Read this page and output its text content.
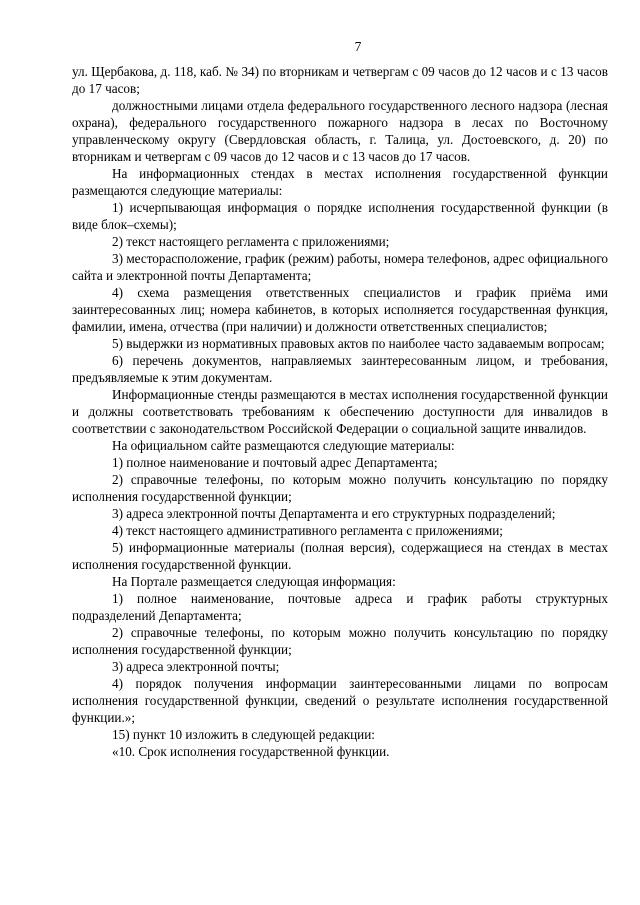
7

ул. Щербакова, д. 118, каб. № 34) по вторникам и четвергам с 09 часов до 12 часов и с 13 часов до 17 часов;

должностными лицами отдела федерального государственного лесного надзора (лесная охрана), федерального государственного пожарного надзора в лесах по Восточному управленческому округу (Свердловская область, г. Талица, ул. Достоевского, д. 20) по вторникам и четвергам с 09 часов до 12 часов и с 13 часов до 17 часов.

На информационных стендах в местах исполнения государственной функции размещаются следующие материалы:

1) исчерпывающая информация о порядке исполнения государственной функции (в виде блок–схемы);

2) текст настоящего регламента с приложениями;

3) месторасположение, график (режим) работы, номера телефонов, адрес официального сайта и электронной почты Департамента;

4) схема размещения ответственных специалистов и график приёма ими заинтересованных лиц; номера кабинетов, в которых исполняется государственная функция, фамилии, имена, отчества (при наличии) и должности ответственных специалистов;

5) выдержки из нормативных правовых актов по наиболее часто задаваемым вопросам;

6) перечень документов, направляемых заинтересованным лицом, и требования, предъявляемые к этим документам.

Информационные стенды размещаются в местах исполнения государственной функции и должны соответствовать требованиям к обеспечению доступности для инвалидов в соответствии с законодательством Российской Федерации о социальной защите инвалидов.

На официальном сайте размещаются следующие материалы:

1) полное наименование и почтовый адрес Департамента;

2) справочные телефоны, по которым можно получить консультацию по порядку исполнения государственной функции;

3) адреса электронной почты Департамента и его структурных подразделений;

4) текст настоящего административного регламента с приложениями;

5) информационные материалы (полная версия), содержащиеся на стендах в местах исполнения государственной функции.

На Портале размещается следующая информация:

1) полное наименование, почтовые адреса и график работы структурных подразделений Департамента;

2) справочные телефоны, по которым можно получить консультацию по порядку исполнения государственной функции;

3) адреса электронной почты;

4) порядок получения информации заинтересованными лицами по вопросам исполнения государственной функции, сведений о результате исполнения государственной функции.»;

15) пункт 10 изложить в следующей редакции:

«10. Срок исполнения государственной функции.
